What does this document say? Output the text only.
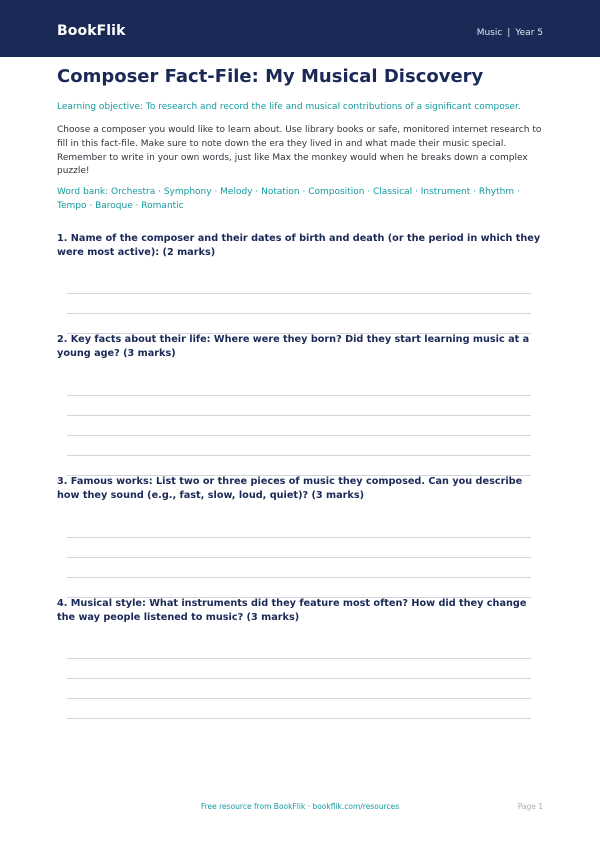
BookFlik	Music | Year 5
Composer Fact-File: My Musical Discovery

Learning objective: To research and record the life and musical contributions of a significant composer.

Choose a composer you would like to learn about. Use library books or safe, monitored internet research to fill in this fact-file. Make sure to note down the era they lived in and what made their music special. Remember to write in your own words, just like Max the monkey would when he breaks down a complex puzzle!

Word bank: Orchestra · Symphony · Melody · Notation · Composition · Classical · Instrument · Rhythm · Tempo · Baroque · Romantic

1. Name of the composer and their dates of birth and death (or the period in which they were most active): (2 marks)

2. Key facts about their life: Where were they born? Did they start learning music at a young age? (3 marks)

3. Famous works: List two or three pieces of music they composed. Can you describe how they sound (e.g., fast, slow, loud, quiet)? (3 marks)

4. Musical style: What instruments did they feature most often? How did they change the way people listened to music? (3 marks)

Free resource from BookFlik · bookflik.com/resources	Page 1
